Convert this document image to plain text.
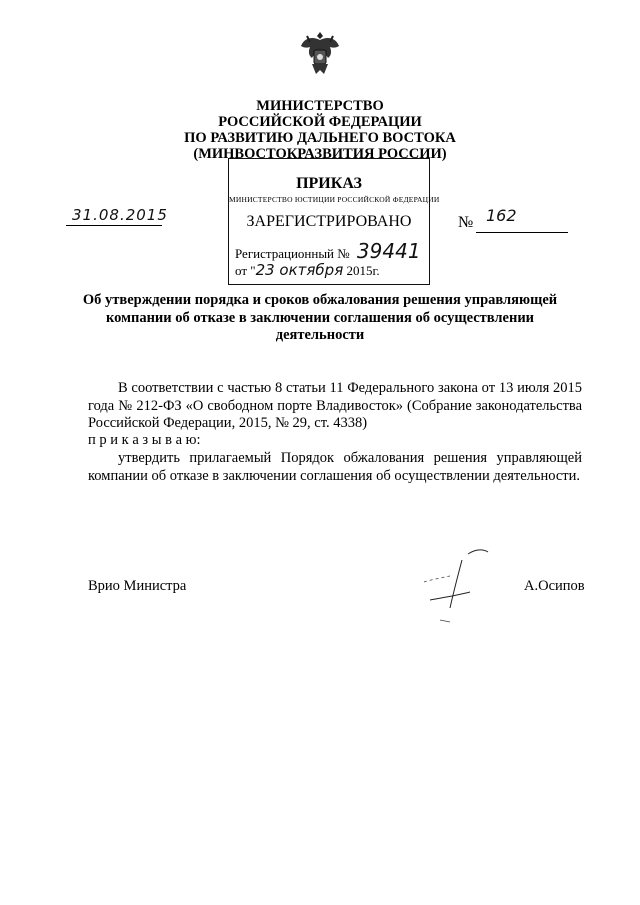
МИНИСТЕРСТВО
РОССИЙСКОЙ ФЕДЕРАЦИИ
ПО РАЗВИТИЮ ДАЛЬНЕГО ВОСТОКА
(МИНВОСТОКРАЗВИТИЯ РОССИИ)
ПРИКАЗ
МИНИСТЕРСТВО ЮСТИЦИИ РОССИЙСКОЙ ФЕДЕРАЦИИ
ЗАРЕГИСТРИРОВАНО
Регистрационный № 39441
от "23 октября 2015г.
31.08.2015	№ 162
Об утверждении порядка и сроков обжалования решения управляющей компании об отказе в заключении соглашения об осуществлении деятельности
В соответствии с частью 8 статьи 11 Федерального закона от 13 июля 2015 года № 212-ФЗ «О свободном порте Владивосток» (Собрание законодательства Российской Федерации, 2015, № 29, ст. 4338)
п р и к а з ы в а ю:
утвердить прилагаемый Порядок обжалования решения управляющей компании об отказе в заключении соглашения об осуществлении деятельности.
Врио Министра	А.Осипов
